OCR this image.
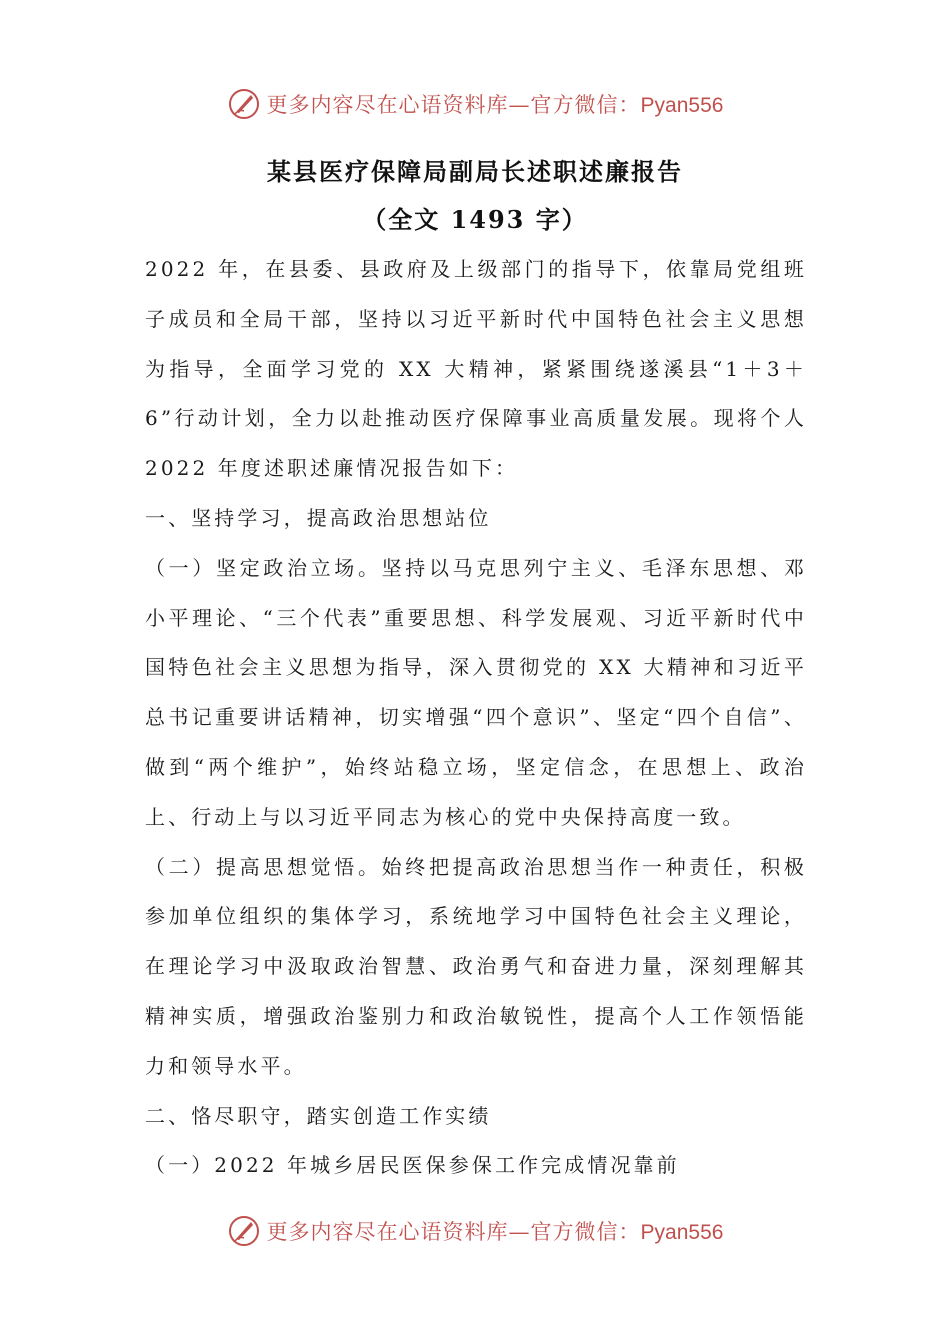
更多内容尽在心语资料库—官方微信：Pyan556
某县医疗保障局副局长述职述廉报告
（全文 1493 字）

2022 年，在县委、县政府及上级部门的指导下，依靠局党组班子成员和全局干部，坚持以习近平新时代中国特色社会主义思想为指导，全面学习党的 XX 大精神，紧紧围绕遂溪县“1＋3＋6”行动计划，全力以赴推动医疗保障事业高质量发展。现将个人 2022 年度述职述廉情况报告如下：

一、坚持学习，提高政治思想站位

（一）坚定政治立场。坚持以马克思列宁主义、毛泽东思想、邓小平理论、“三个代表”重要思想、科学发展观、习近平新时代中国特色社会主义思想为指导，深入贯彻党的 XX 大精神和习近平总书记重要讲话精神，切实增强“四个意识”、坚定“四个自信”、做到“两个维护”，始终站稳立场，坚定信念，在思想上、政治上、行动上与以习近平同志为核心的党中央保持高度一致。

（二）提高思想觉悟。始终把提高政治思想当作一种责任，积极参加单位组织的集体学习，系统地学习中国特色社会主义理论，在理论学习中汲取政治智慧、政治勇气和奋进力量，深刻理解其精神实质，增强政治鉴别力和政治敏锐性，提高个人工作领悟能力和领导水平。

二、恪尽职守，踏实创造工作实绩

（一）2022 年城乡居民医保参保工作完成情况靠前

更多内容尽在心语资料库—官方微信：Pyan556
